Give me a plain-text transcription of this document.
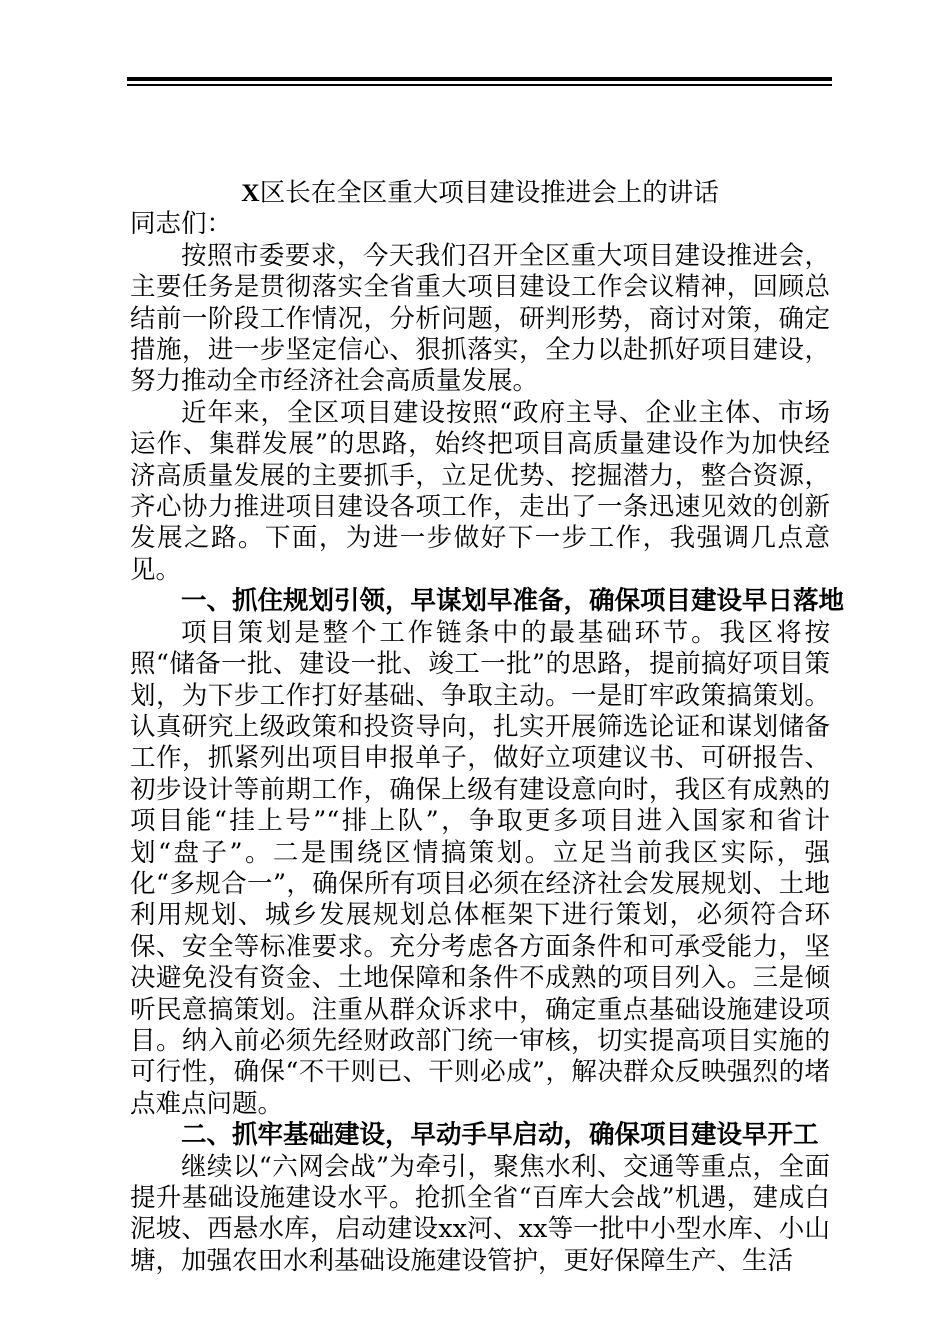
X区长在全区重大项目建设推进会上的讲话

同志们：

按照市委要求，今天我们召开全区重大项目建设推进会，主要任务是贯彻落实全省重大项目建设工作会议精神，回顾总结前一阶段工作情况，分析问题，研判形势，商讨对策，确定措施，进一步坚定信心、狠抓落实，全力以赴抓好项目建设，努力推动全市经济社会高质量发展。

近年来，全区项目建设按照“政府主导、企业主体、市场运作、集群发展”的思路，始终把项目高质量建设作为加快经济高质量发展的主要抓手，立足优势、挖掘潜力，整合资源，齐心协力推进项目建设各项工作，走出了一条迅速见效的创新发展之路。下面，为进一步做好下一步工作，我强调几点意见。

一、抓住规划引领，早谋划早准备，确保项目建设早日落地

项目策划是整个工作链条中的最基础环节。我区将按照“储备一批、建设一批、竣工一批”的思路，提前搞好项目策划，为下步工作打好基础、争取主动。一是盯牢政策搞策划。认真研究上级政策和投资导向，扎实开展筛选论证和谋划储备工作，抓紧列出项目申报单子，做好立项建议书、可研报告、初步设计等前期工作，确保上级有建设意向时，我区有成熟的项目能“挂上号”“排上队”，争取更多项目进入国家和省计划“盘子”。二是围绕区情搞策划。立足当前我区实际，强化“多规合一”，确保所有项目必须在经济社会发展规划、土地利用规划、城乡发展规划总体框架下进行策划，必须符合环保、安全等标准要求。充分考虑各方面条件和可承受能力，坚决避免没有资金、土地保障和条件不成熟的项目列入。三是倾听民意搞策划。注重从群众诉求中，确定重点基础设施建设项目。纳入前必须先经财政部门统一审核，切实提高项目实施的可行性，确保“不干则已、干则必成”，解决群众反映强烈的堵点难点问题。

二、抓牢基础建设，早动手早启动，确保项目建设早开工

继续以“六网会战”为牵引，聚焦水利、交通等重点，全面提升基础设施建设水平。抢抓全省“百库大会战”机遇，建成白泥坡、西悬水库，启动建设xx河、xx等一批中小型水库、小山塘，加强农田水利基础设施建设管护，更好保障生产、生活
